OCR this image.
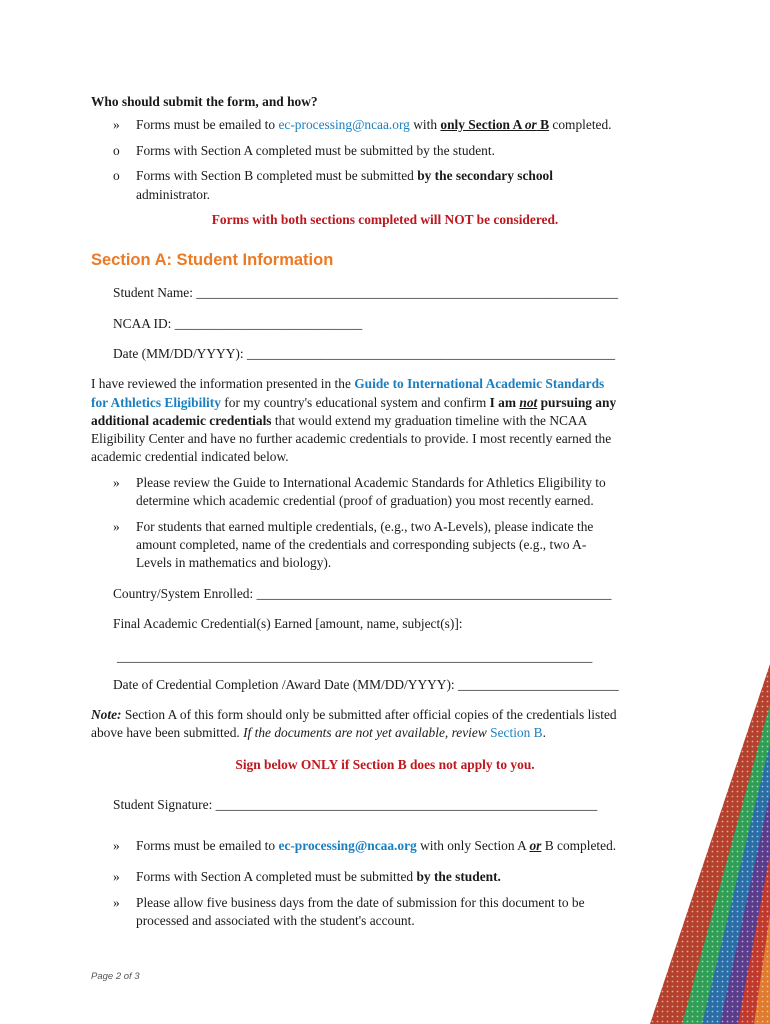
Who should submit the form, and how?
»	Forms must be emailed to ec-processing@ncaa.org with only Section A or B completed.
o	Forms with Section A completed must be submitted by the student.
o	Forms with Section B completed must be submitted by the secondary school
administrator.
Forms with both sections completed will NOT be considered.
Section A: Student Information
Student Name: _______________________________________________________________
NCAA ID: ____________________________
Date (MM/DD/YYYY): _______________________________________________________
I have reviewed the information presented in the Guide to International Academic Standards
for Athletics Eligibility for my country's educational system and confirm I am not pursuing any
additional academic credentials that would extend my graduation timeline with the NCAA
Eligibility Center and have no further academic credentials to provide. I most recently earned the
academic credential indicated below.
»	Please review the Guide to International Academic Standards for Athletics Eligibility to
determine which academic credential (proof of graduation) you most recently earned.
»	For students that earned multiple credentials, (e.g., two A-Levels), please indicate the
amount completed, name of the credentials and corresponding subjects (e.g., two A-
Levels in mathematics and biology).
Country/System Enrolled: _____________________________________________________
Final Academic Credential(s) Earned [amount, name, subject(s)]:
_______________________________________________________________________
Date of Credential Completion /Award Date (MM/DD/YYYY): ________________________
Note: Section A of this form should only be submitted after official copies of the credentials listed
above have been submitted. If the documents are not yet available, review Section B.
Sign below ONLY if Section B does not apply to you.
Student Signature: _________________________________________________________
»	Forms must be emailed to ec-processing@ncaa.org with only Section A or B completed.
»	Forms with Section A completed must be submitted by the student.
»	Please allow five business days from the date of submission for this document to be
processed and associated with the student's account.
Page 2 of 3
